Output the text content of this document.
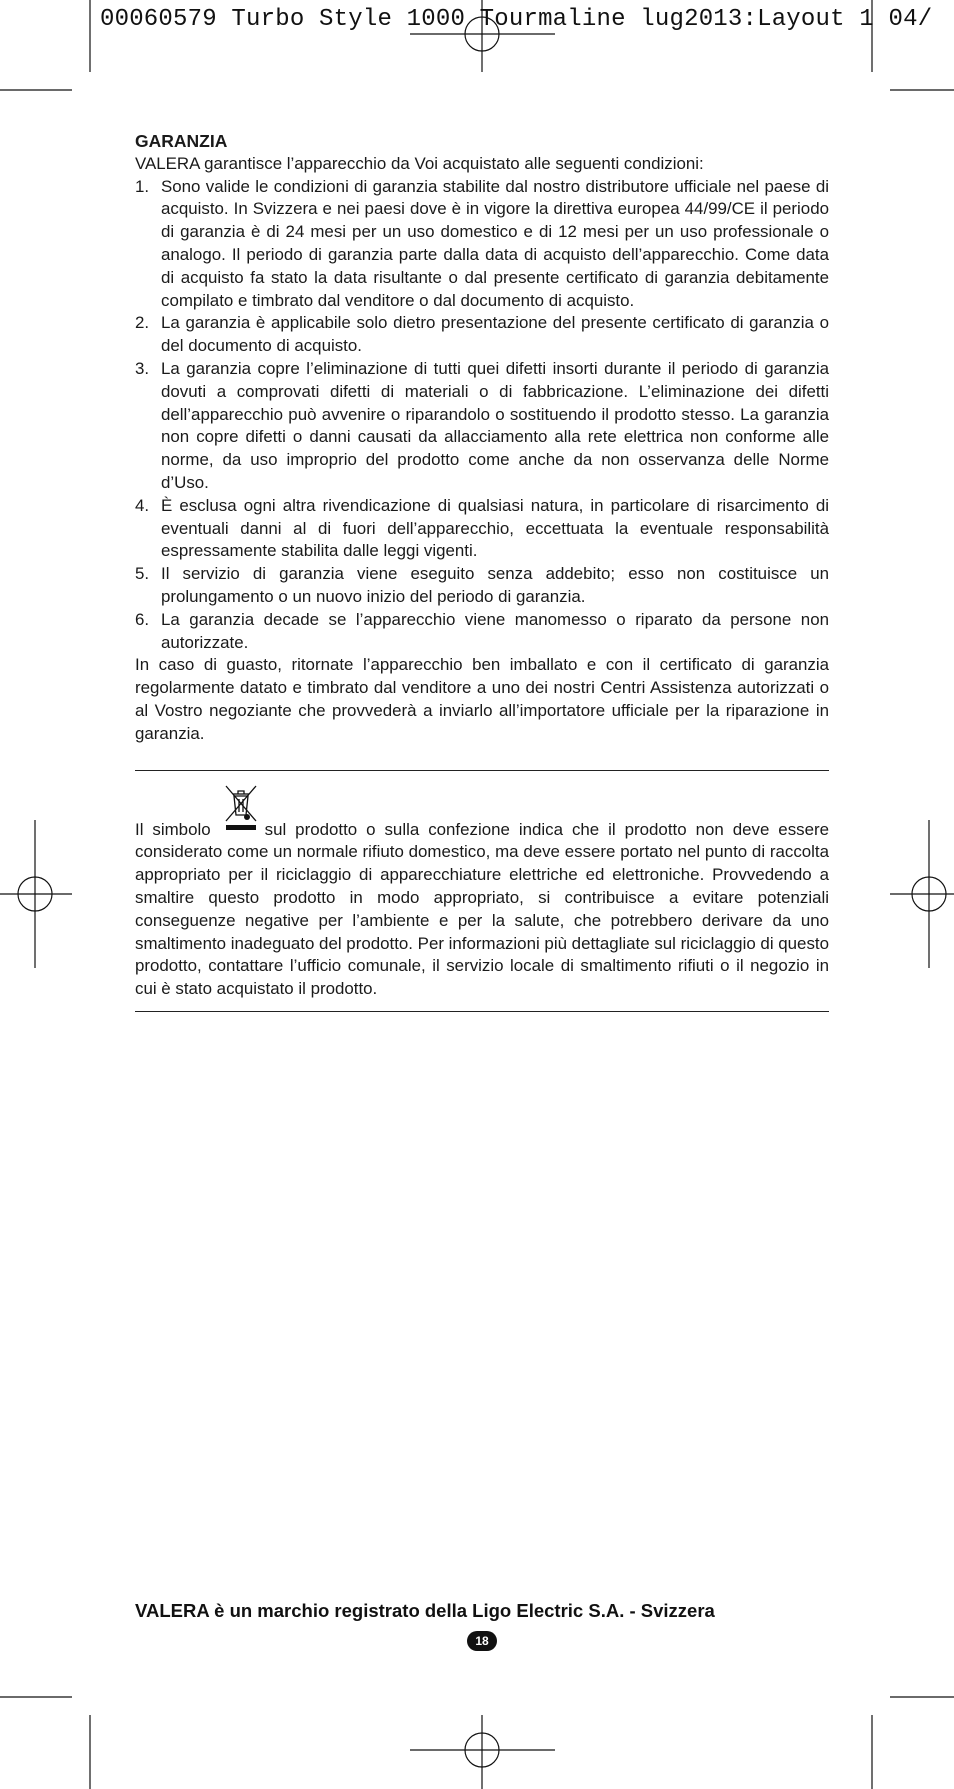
00060579 Turbo Style 1000 Tourmaline lug2013:Layout 1 04/

GARANZIA

VALERA garantisce l’apparecchio da Voi acquistato alle seguenti condizioni:

1. Sono valide le condizioni di garanzia stabilite dal nostro distributore ufficiale nel paese di acquisto. In Svizzera e nei paesi dove è in vigore la direttiva europea 44/99/CE il periodo di garanzia è di 24 mesi per un uso domestico e di 12 mesi per un uso professionale o analogo. Il periodo di garanzia parte dalla data di acquisto dell’apparecchio. Come data di acquisto fa stato la data risultante o dal presente certificato di garanzia debitamente compilato e timbrato dal venditore o dal documento di acquisto.
2. La garanzia è applicabile solo dietro presentazione del presente certificato di garanzia o del documento di acquisto.
3. La garanzia copre l’eliminazione di tutti quei difetti insorti durante il periodo di garanzia dovuti a comprovati difetti di materiali o di fabbricazione. L’eliminazione dei difetti dell’apparecchio può avvenire o riparandolo o sostituendo il prodotto stesso. La garanzia non copre difetti o danni causati da allacciamento alla rete elettrica non conforme alle norme, da uso improprio del prodotto come anche da non osservanza delle Norme d’Uso.
4. È esclusa ogni altra rivendicazione di qualsiasi natura, in particolare di risarcimento di eventuali danni al di fuori dell’apparecchio, eccettuata la eventuale responsabilità espressamente stabilita dalle leggi vigenti.
5. Il servizio di garanzia viene eseguito senza addebito; esso non costituisce un prolungamento o un nuovo inizio del periodo di garanzia.
6. La garanzia decade se l’apparecchio viene manomesso o riparato da persone non autorizzate.

In caso di guasto, ritornate l’apparecchio ben imballato e con il certificato di garanzia regolarmente datato e timbrato dal venditore a uno dei nostri Centri Assistenza autorizzati o al Vostro negoziante che provvederà a inviarlo all’importatore ufficiale per la riparazione in garanzia.

Il simbolo	sul prodotto o sulla confezione indica che il prodotto non deve essere considerato come un normale rifiuto domestico, ma deve essere portato nel punto di raccolta appropriato per il riciclaggio di apparecchiature elettriche ed elettroniche. Provvedendo a smaltire questo prodotto in modo appropriato, si contribuisce a evitare potenziali conseguenze negative per l’ambiente e per la salute, che potrebbero derivare da uno smaltimento inadeguato del prodotto. Per informazioni più dettagliate sul riciclaggio di questo prodotto, contattare l’ufficio comunale, il servizio locale di smaltimento rifiuti o il negozio in cui è stato acquistato il prodotto.

VALERA è un marchio registrato della Ligo Electric S.A. - Svizzera

18
